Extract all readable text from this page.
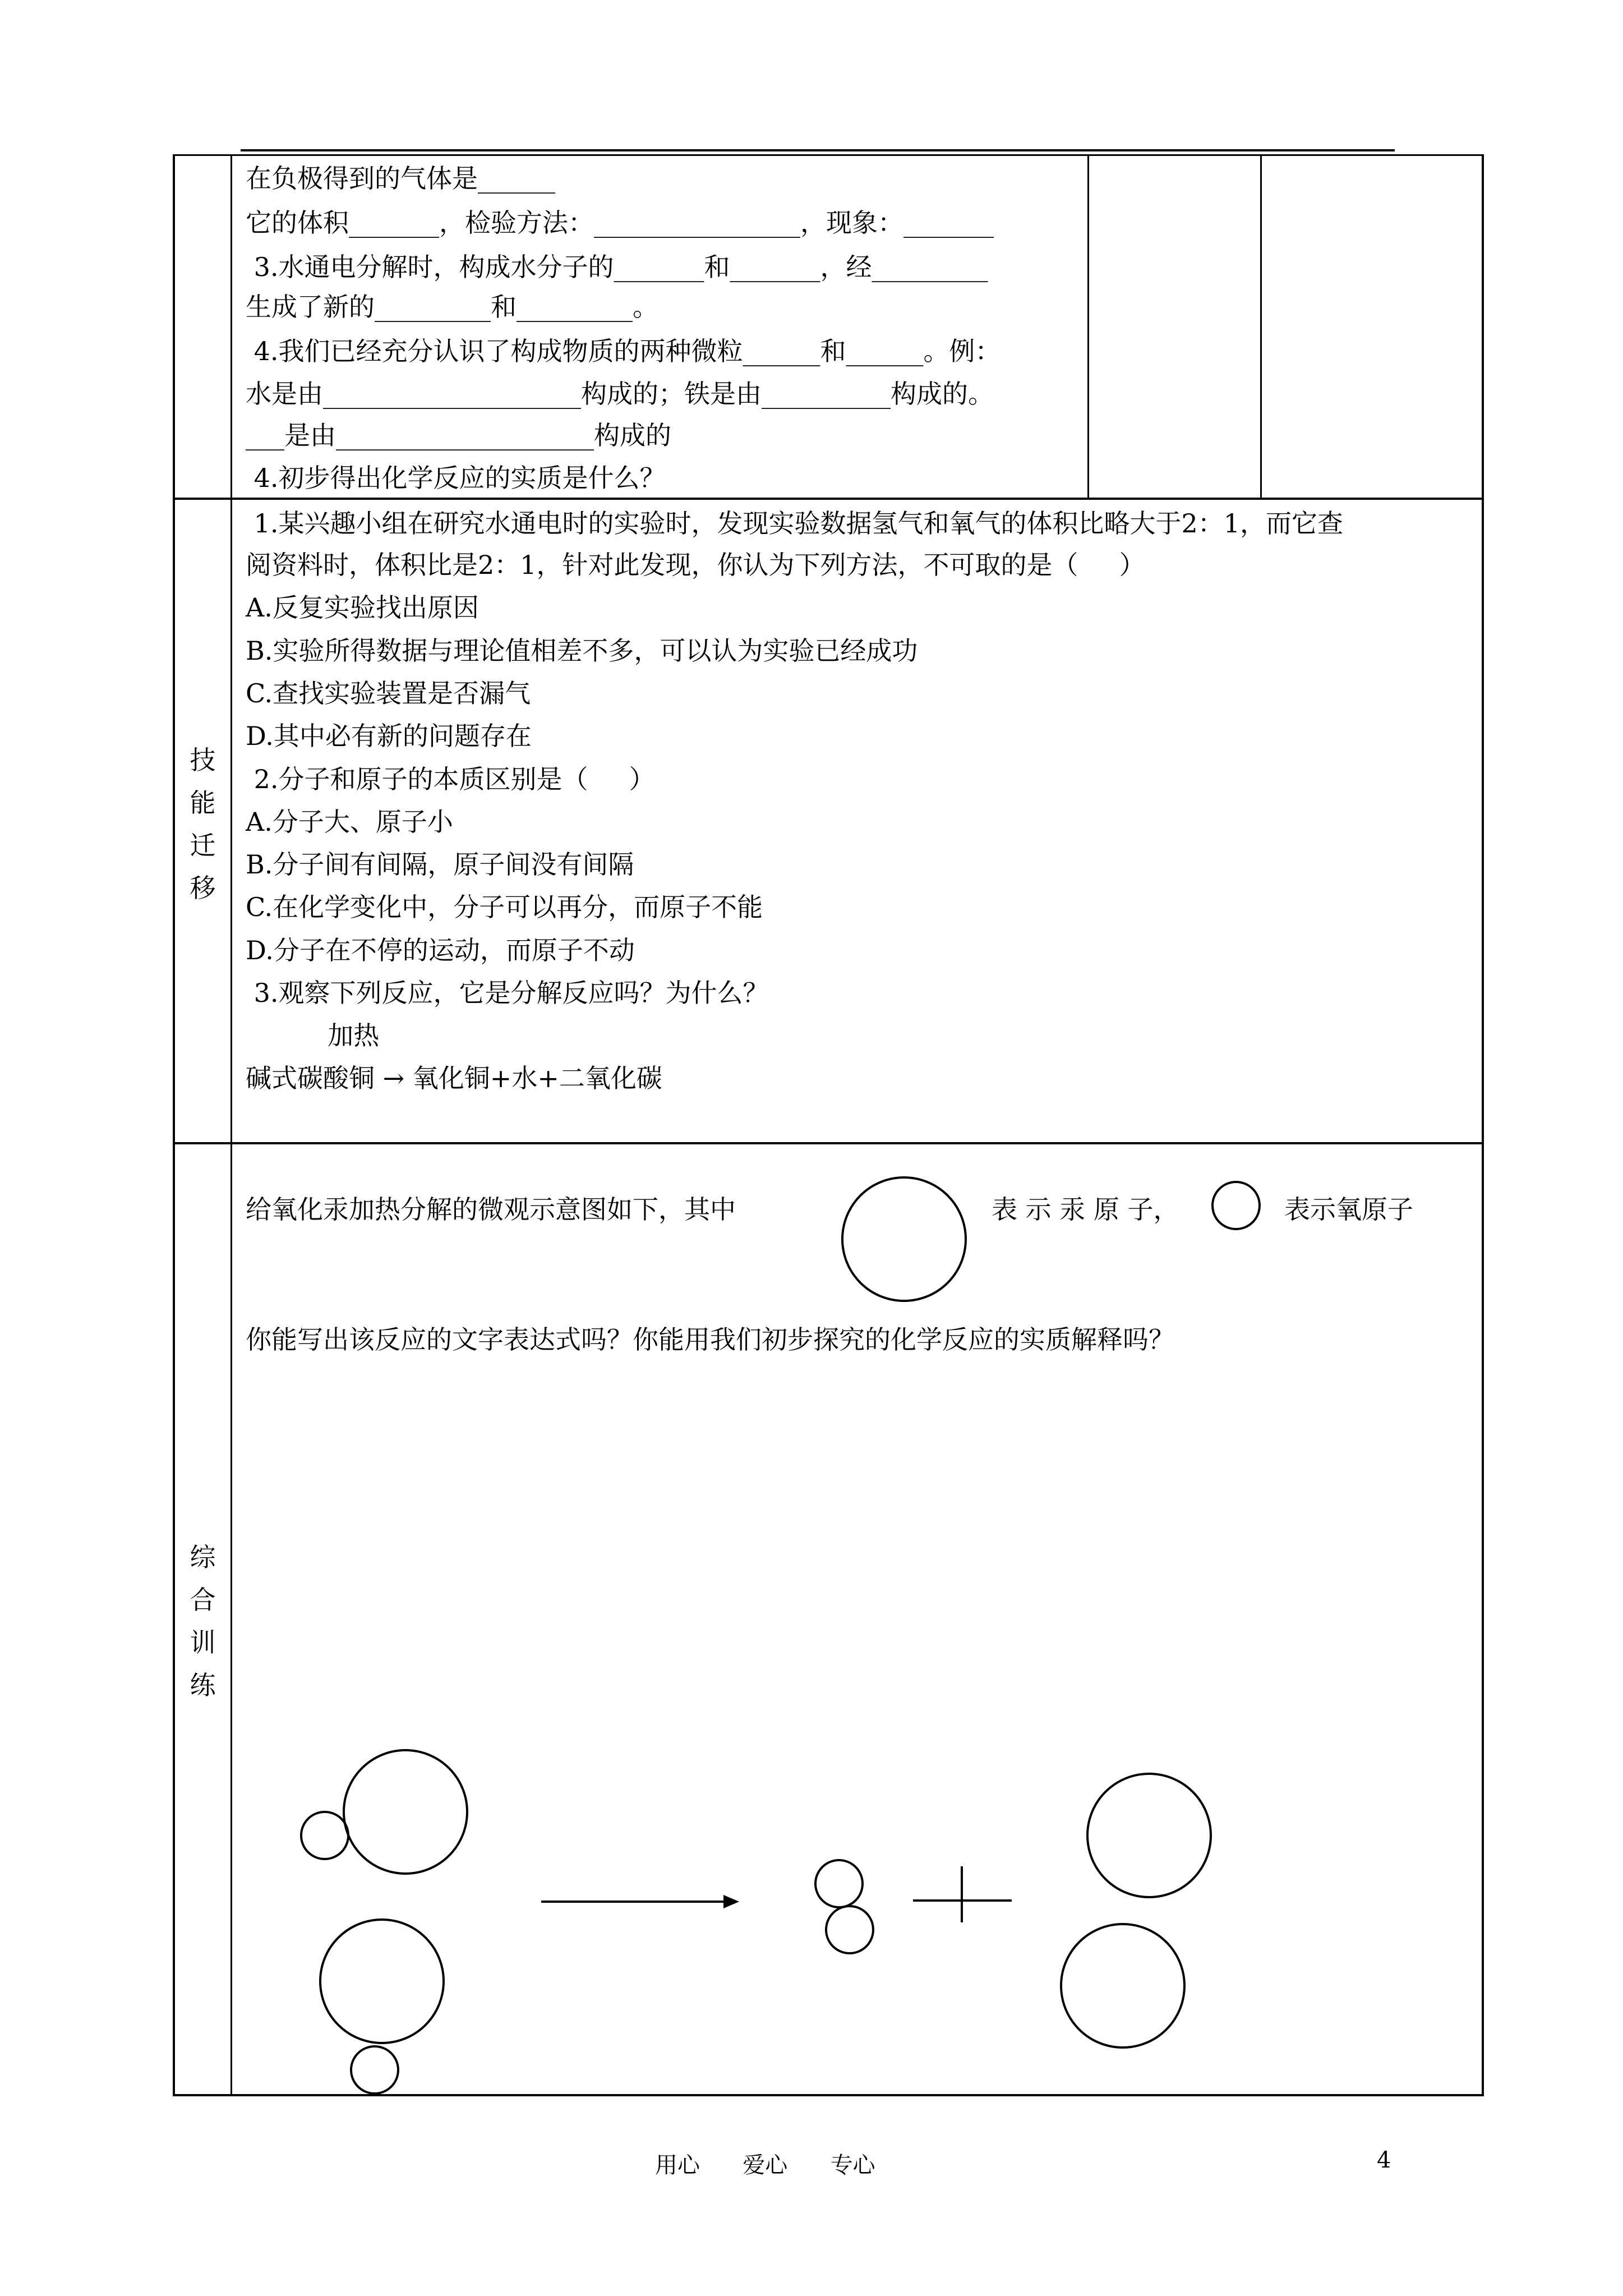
在负极得到的气体是______
它的体积_______，检验方法：________________，现象：_______
3.水通电分解时，构成水分子的_______和_______，经_________
生成了新的_________和_________。
4.我们已经充分认识了构成物质的两种微粒______和______。例：
水是由____________________构成的；铁是由__________构成的。
___是由____________________构成的
4.初步得出化学反应的实质是什么？
技
能
迁
移
1.某兴趣小组在研究水通电时的实验时，发现实验数据氢气和氧气的体积比略大于2：1，而它查
阅资料时，体积比是2：1，针对此发现，你认为下列方法，不可取的是（     ）
A.反复实验找出原因
B.实验所得数据与理论值相差不多，可以认为实验已经成功
C.查找实验装置是否漏气
D.其中必有新的问题存在
2.分子和原子的本质区别是（     ）
A.分子大、原子小
B.分子间有间隔，原子间没有间隔
C.在化学变化中，分子可以再分，而原子不能
D.分子在不停的运动，而原子不动
3.观察下列反应，它是分解反应吗？为什么？
加热
碱式碳酸铜 → 氧化铜+水+二氧化碳
综
合
训
练
给氧化汞加热分解的微观示意图如下，其中	表 示 汞 原 子，	表示氧原子
你能写出该反应的文字表达式吗？你能用我们初步探究的化学反应的实质解释吗？
用心      爱心      专心	4
